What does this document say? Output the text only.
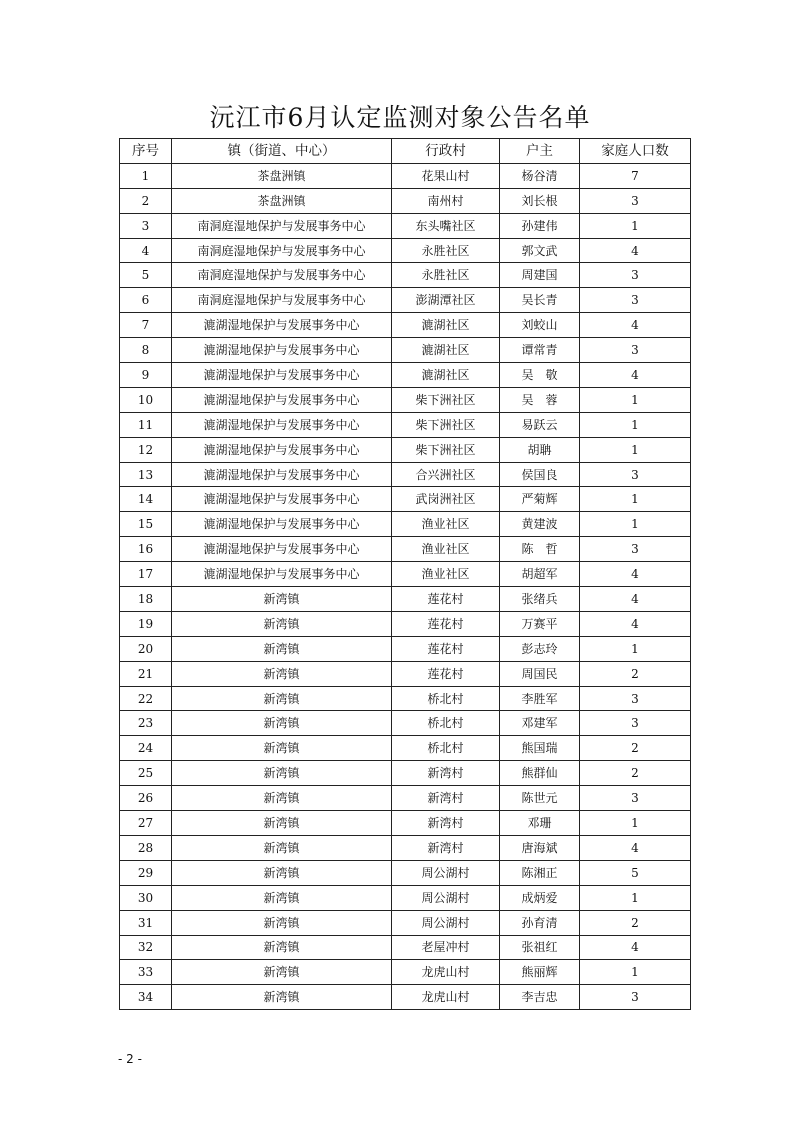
沅江市6月认定监测对象公告名单
序号	镇（街道、中心）	行政村	户主	家庭人口数
1	茶盘洲镇	花果山村	杨谷清	7
2	茶盘洲镇	南州村	刘长根	3
3	南洞庭湿地保护与发展事务中心	东头嘴社区	孙建伟	1
4	南洞庭湿地保护与发展事务中心	永胜社区	郭文武	4
5	南洞庭湿地保护与发展事务中心	永胜社区	周建国	3
6	南洞庭湿地保护与发展事务中心	澎湖潭社区	吴长青	3
7	漉湖湿地保护与发展事务中心	漉湖社区	刘蛟山	4
8	漉湖湿地保护与发展事务中心	漉湖社区	谭常青	3
9	漉湖湿地保护与发展事务中心	漉湖社区	吴　敬	4
10	漉湖湿地保护与发展事务中心	柴下洲社区	吴　蓉	1
11	漉湖湿地保护与发展事务中心	柴下洲社区	易跃云	1
12	漉湖湿地保护与发展事务中心	柴下洲社区	胡聃	1
13	漉湖湿地保护与发展事务中心	合兴洲社区	侯国良	3
14	漉湖湿地保护与发展事务中心	武岗洲社区	严菊辉	1
15	漉湖湿地保护与发展事务中心	渔业社区	黄建波	1
16	漉湖湿地保护与发展事务中心	渔业社区	陈　哲	3
17	漉湖湿地保护与发展事务中心	渔业社区	胡超军	4
18	新湾镇	莲花村	张绪兵	4
19	新湾镇	莲花村	万赛平	4
20	新湾镇	莲花村	彭志玲	1
21	新湾镇	莲花村	周国民	2
22	新湾镇	桥北村	李胜军	3
23	新湾镇	桥北村	邓建军	3
24	新湾镇	桥北村	熊国瑞	2
25	新湾镇	新湾村	熊群仙	2
26	新湾镇	新湾村	陈世元	3
27	新湾镇	新湾村	邓珊	1
28	新湾镇	新湾村	唐海斌	4
29	新湾镇	周公湖村	陈湘正	5
30	新湾镇	周公湖村	成炳爱	1
31	新湾镇	周公湖村	孙育清	2
32	新湾镇	老屋冲村	张祖红	4
33	新湾镇	龙虎山村	熊丽辉	1
34	新湾镇	龙虎山村	李吉忠	3
- 2 -
